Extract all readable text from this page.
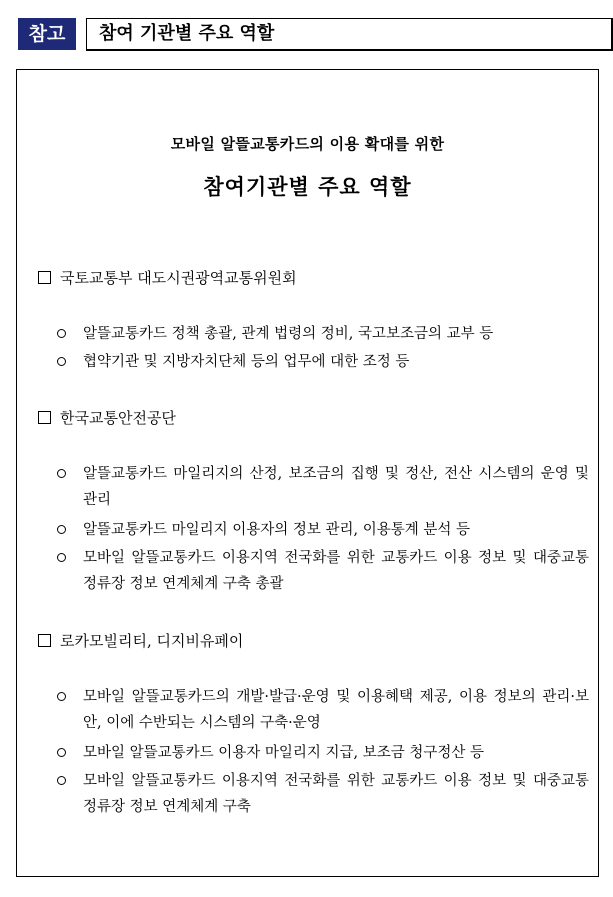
참고	참여 기관별 주요 역할
모바일 알뜰교통카드의 이용 확대를 위한
참여기관별 주요 역할
국토교통부 대도시권광역교통위원회
알뜰교통카드 정책 총괄, 관계 법령의 정비, 국고보조금의 교부 등
협약기관 및 지방자치단체 등의 업무에 대한 조정 등
한국교통안전공단
알뜰교통카드 마일리지의 산정, 보조금의 집행 및 정산, 전산 시스템의 운영 및 관리
알뜰교통카드 마일리지 이용자의 정보 관리, 이용통계 분석 등
모바일 알뜰교통카드 이용지역 전국화를 위한 교통카드 이용 정보 및 대중교통 정류장 정보 연계체계 구축 총괄
로카모빌리티, 디지비유페이
모바일 알뜰교통카드의 개발·발급·운영 및 이용혜택 제공, 이용 정보의 관리·보안, 이에 수반되는 시스템의 구축·운영
모바일 알뜰교통카드 이용자 마일리지 지급, 보조금 청구정산 등
모바일 알뜰교통카드 이용지역 전국화를 위한 교통카드 이용 정보 및 대중교통 정류장 정보 연계체계 구축
